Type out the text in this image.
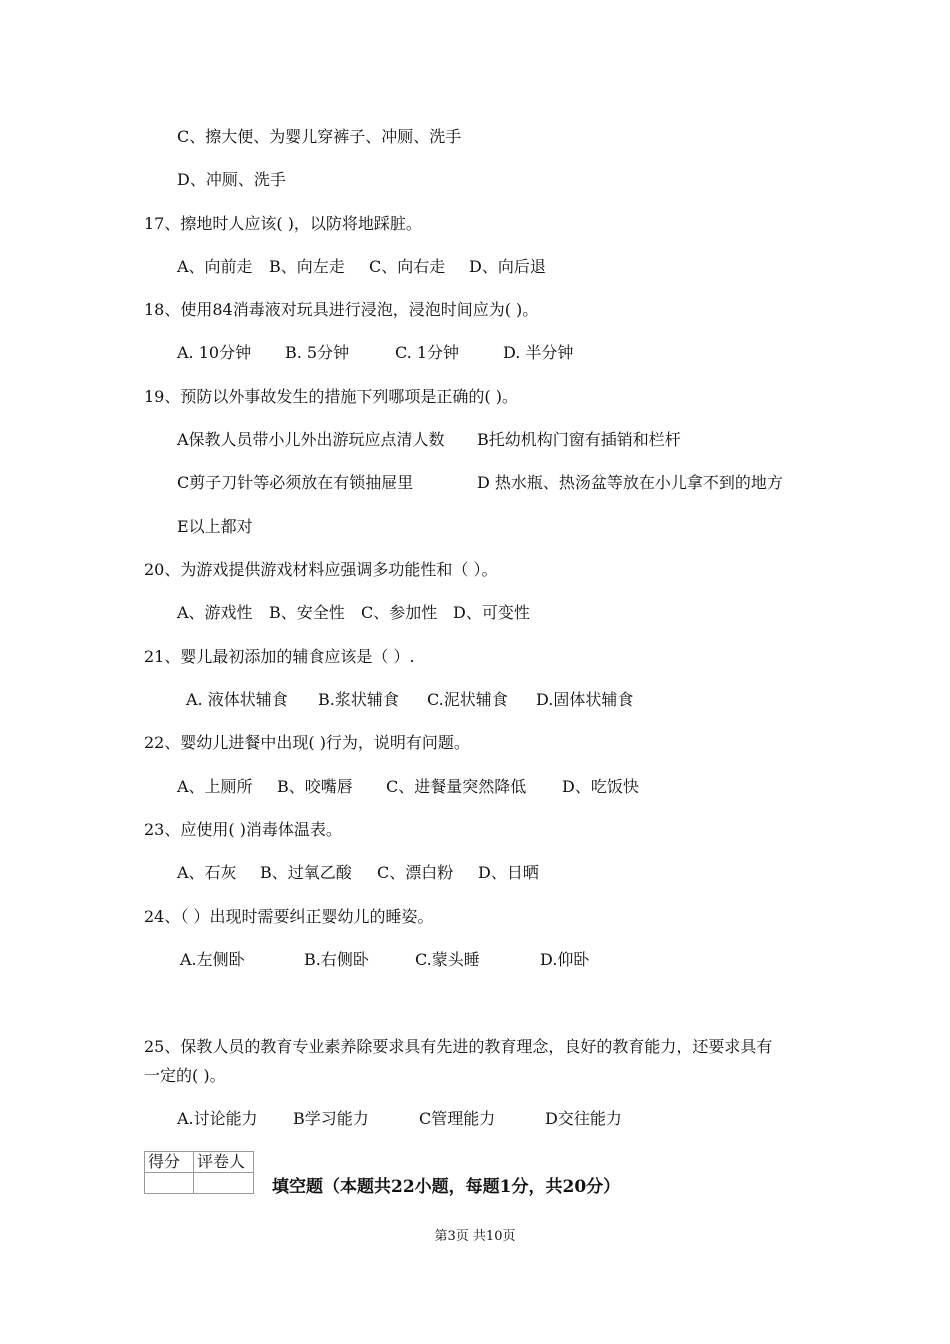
C、擦大便、为婴儿穿裤子、冲厕、洗手
D、冲厕、洗手
17、擦地时人应该( )，以防将地踩脏。
A、向前走 B、向左走 C、向右走 D、向后退
18、使用84消毒液对玩具进行浸泡，浸泡时间应为( )。
A. 10分钟 B. 5分钟	C. 1分钟	D. 半分钟
19、预防以外事故发生的措施下列哪项是正确的( )。
A保教人员带小儿外出游玩应点清人数 B托幼机构门窗有插销和栏杆
C剪子刀针等必须放在有锁抽屉里	D 热水瓶、热汤盆等放在小儿拿不到的地方
E以上都对
20、为游戏提供游戏材料应强调多功能性和（ ）。
A、游戏性 B、安全性 C、参加性 D、可变性
21、婴儿最初添加的辅食应该是（ ）.
A. 液体状辅食 B.浆状辅食 C.泥状辅食 D.固体状辅食
22、婴幼儿进餐中出现( )行为，说明有问题。
A、上厕所 B、咬嘴唇 C、进餐量突然降低 D、吃饭快
23、应使用( )消毒体温表。
A、石灰 B、过氧乙酸 C、漂白粉 D、日晒
24、（ ）出现时需要纠正婴幼儿的睡姿。
A.左侧卧	B.右侧卧	C.蒙头睡	D.仰卧
25、保教人员的教育专业素养除要求具有先进的教育理念，良好的教育能力，还要求具有
一定的( )。
A.讨论能力 B学习能力	C管理能力	D交往能力
得分	评卷人

填空题（本题共22小题，每题1分，共20分）
第3页 共10页
